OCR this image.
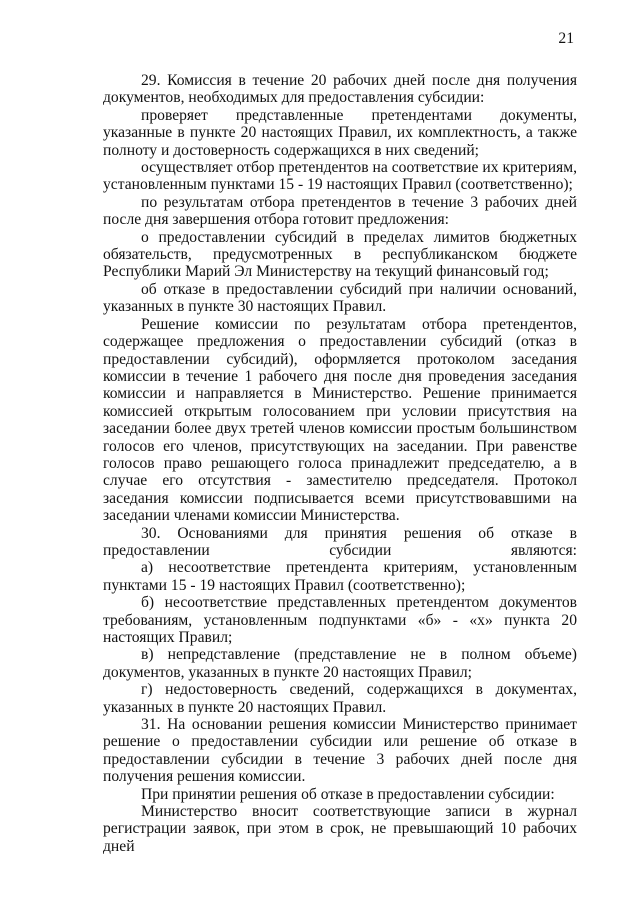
21

29. Комиссия в течение 20 рабочих дней после дня получения документов, необходимых для предоставления субсидии:

проверяет представленные претендентами документы, указанные в пункте 20 настоящих Правил, их комплектность, а также полноту и достоверность содержащихся в них сведений;

осуществляет отбор претендентов на соответствие их критериям, установленным пунктами 15 - 19 настоящих Правил (соответственно);

по результатам отбора претендентов в течение 3 рабочих дней после дня завершения отбора готовит предложения:

о предоставлении субсидий в пределах лимитов бюджетных обязательств, предусмотренных в республиканском бюджете Республики Марий Эл Министерству на текущий финансовый год;

об отказе в предоставлении субсидий при наличии оснований, указанных в пункте 30 настоящих Правил.

Решение комиссии по результатам отбора претендентов, содержащее предложения о предоставлении субсидий (отказ в предоставлении субсидий), оформляется протоколом заседания комиссии в течение 1 рабочего дня после дня проведения заседания комиссии и направляется в Министерство. Решение принимается комиссией открытым голосованием при условии присутствия на заседании более двух третей членов комиссии простым большинством голосов его членов, присутствующих на заседании. При равенстве голосов право решающего голоса принадлежит председателю, а в случае его отсутствия - заместителю председателя. Протокол заседания комиссии подписывается всеми присутствовавшими на заседании членами комиссии Министерства.

30. Основаниями для принятия решения об отказе в предоставлении субсидии являются:

а) несоответствие претендента критериям, установленным пунктами 15 - 19 настоящих Правил (соответственно);

б) несоответствие представленных претендентом документов требованиям, установленным подпунктами «б» - «х» пункта 20 настоящих Правил;

в) непредставление (представление не в полном объеме) документов, указанных в пункте 20 настоящих Правил;

г) недостоверность сведений, содержащихся в документах, указанных в пункте 20 настоящих Правил.

31. На основании решения комиссии Министерство принимает решение о предоставлении субсидии или решение об отказе в предоставлении субсидии в течение 3 рабочих дней после дня получения решения комиссии.

При принятии решения об отказе в предоставлении субсидии:

Министерство вносит соответствующие записи в журнал регистрации заявок, при этом в срок, не превышающий 10 рабочих дней
